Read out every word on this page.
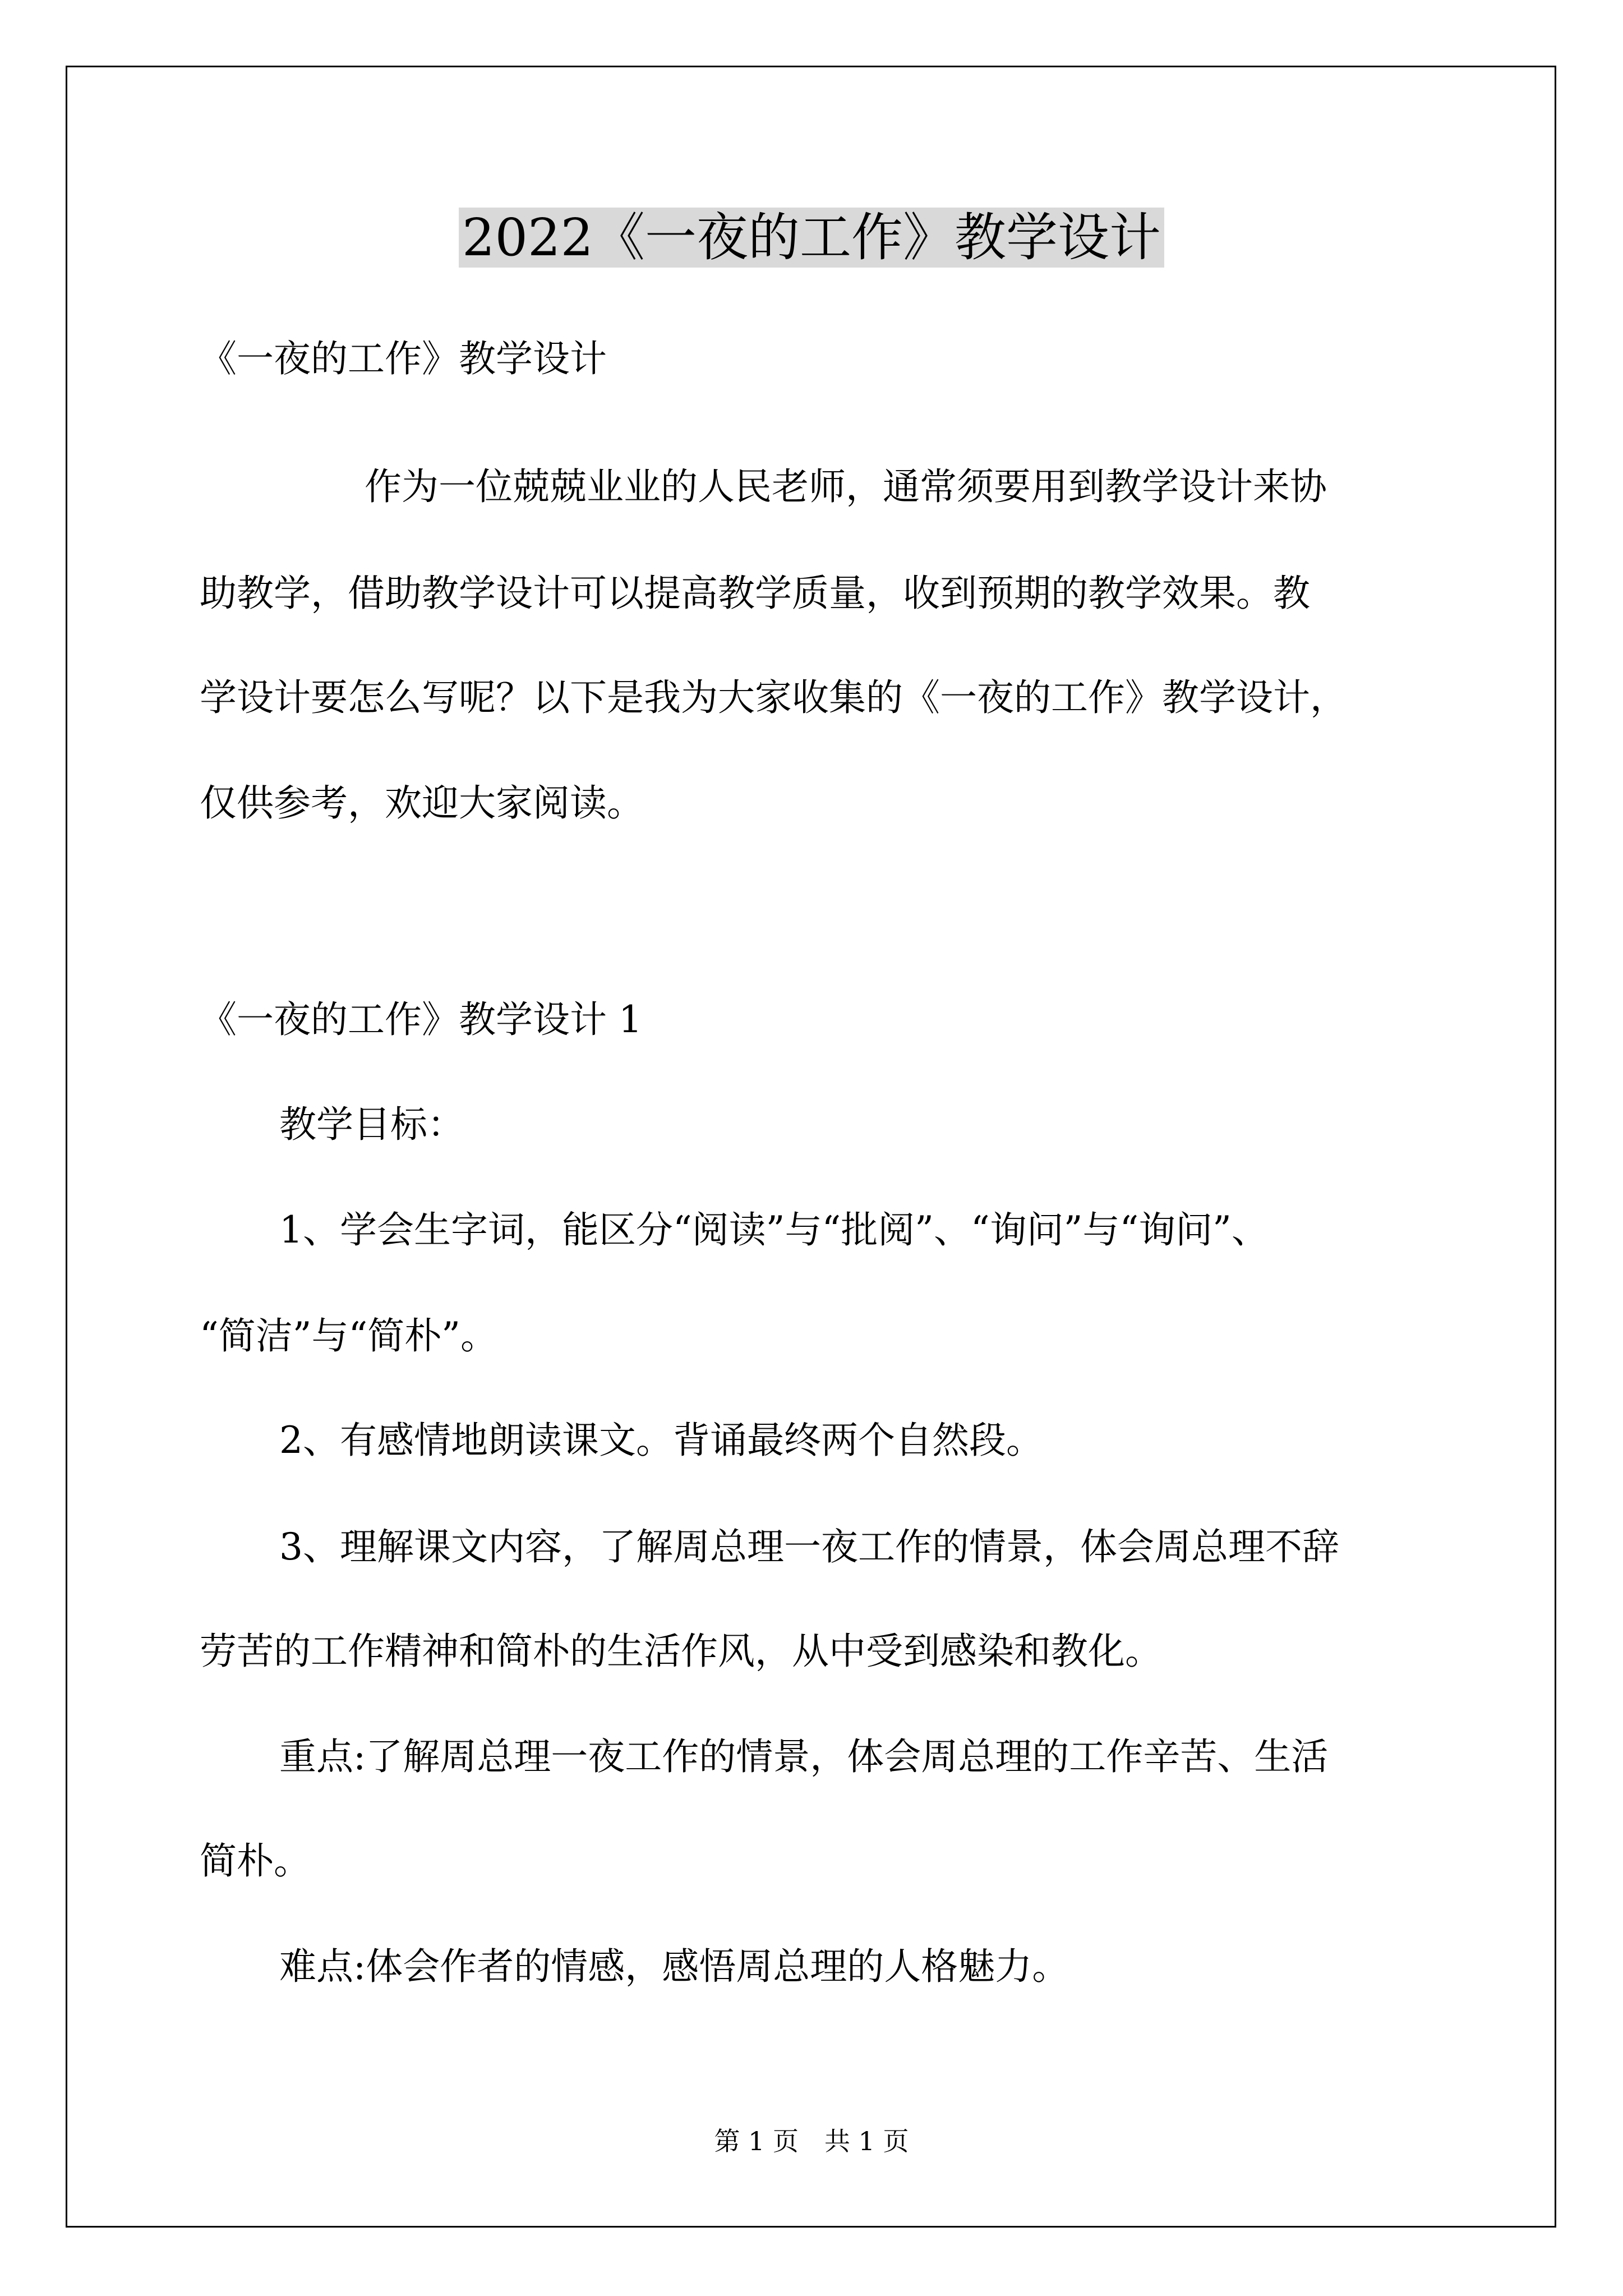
2022《一夜的工作》教学设计
《一夜的工作》教学设计
作为一位兢兢业业的人民老师，通常须要用到教学设计来协
助教学，借助教学设计可以提高教学质量，收到预期的教学效果。教
学设计要怎么写呢？以下是我为大家收集的《一夜的工作》教学设计，
仅供参考，欢迎大家阅读。
《一夜的工作》教学设计 1
教学目标：
1、学会生字词，能区分“阅读”与“批阅”、“询问”与“询问”、
“简洁”与“简朴”。
2、有感情地朗读课文。背诵最终两个自然段。
3、理解课文内容，了解周总理一夜工作的情景，体会周总理不辞
劳苦的工作精神和简朴的生活作风，从中受到感染和教化。
重点:了解周总理一夜工作的情景，体会周总理的工作辛苦、生活
简朴。
难点:体会作者的情感，感悟周总理的人格魅力。
第 1 页　共 1 页
